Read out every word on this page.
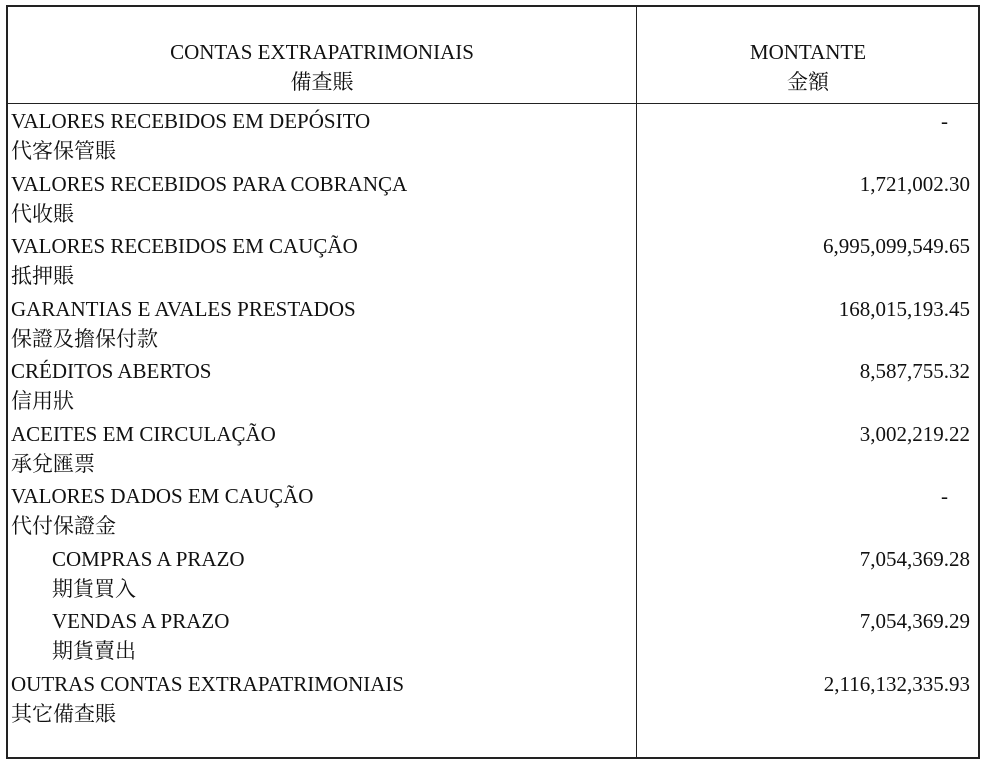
CONTAS EXTRAPATRIMONIAIS
備查賬
MONTANTE
金額
VALORES RECEBIDOS EM DEPÓSITO
代客保管賬
-
VALORES RECEBIDOS PARA COBRANÇA
代收賬
1,721,002.30
VALORES RECEBIDOS EM CAUÇÃO
抵押賬
6,995,099,549.65
GARANTIAS E AVALES PRESTADOS
保證及擔保付款
168,015,193.45
CRÉDITOS ABERTOS
信用狀
8,587,755.32
ACEITES EM CIRCULAÇÃO
承兌匯票
3,002,219.22
VALORES DADOS EM CAUÇÃO
代付保證金
-
COMPRAS A PRAZO
期貨買入
7,054,369.28
VENDAS A PRAZO
期貨賣出
7,054,369.29
OUTRAS CONTAS EXTRAPATRIMONIAIS
其它備查賬
2,116,132,335.93
